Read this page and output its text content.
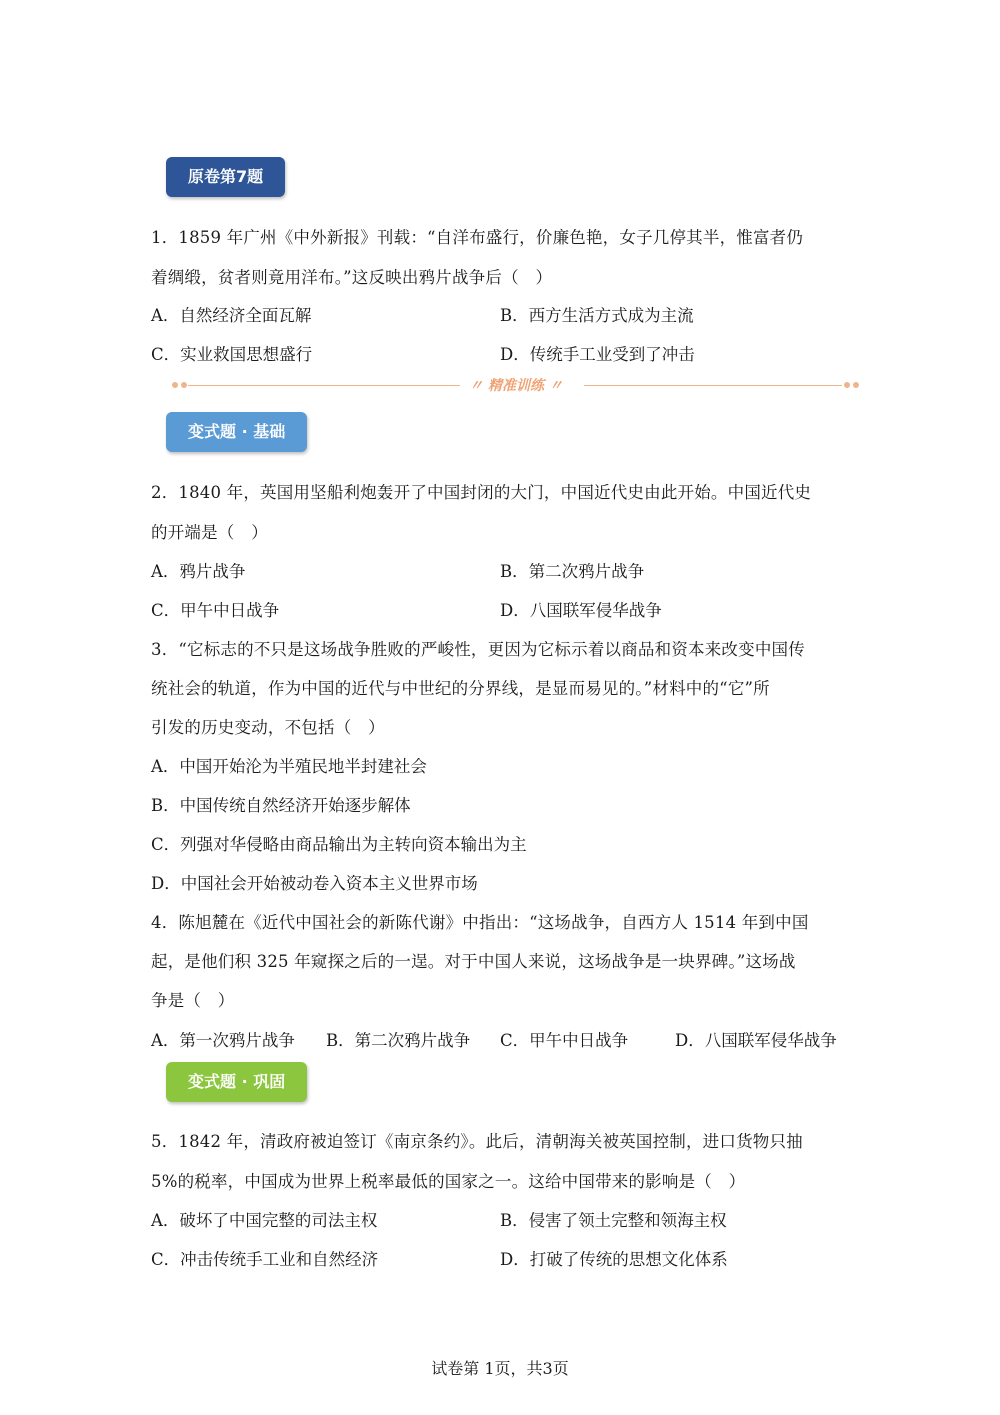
原卷第7题
1．1859 年广州《中外新报》刊载：“自洋布盛行，价廉色艳，女子几停其半，惟富者仍
着绸缎，贫者则竟用洋布。”这反映出鸦片战争后（　）
A．自然经济全面瓦解	B．西方生活方式成为主流
C．实业救国思想盛行	D．传统手工业受到了冲击
〃 精准训练 〃
变式题 · 基础
2．1840 年，英国用坚船利炮轰开了中国封闭的大门，中国近代史由此开始。中国近代史
的开端是（　）
A．鸦片战争	B．第二次鸦片战争
C．甲午中日战争	D．八国联军侵华战争
3．“它标志的不只是这场战争胜败的严峻性，更因为它标示着以商品和资本来改变中国传
统社会的轨道，作为中国的近代与中世纪的分界线，是显而易见的。”材料中的“它”所
引发的历史变动，不包括（　）
A．中国开始沦为半殖民地半封建社会
B．中国传统自然经济开始逐步解体
C．列强对华侵略由商品输出为主转向资本输出为主
D．中国社会开始被动卷入资本主义世界市场
4．陈旭麓在《近代中国社会的新陈代谢》中指出：“这场战争，自西方人 1514 年到中国
起，是他们积 325 年窥探之后的一逞。对于中国人来说，这场战争是一块界碑。”这场战
争是（　）
A．第一次鸦片战争 B．第二次鸦片战争 C．甲午中日战争	D．八国联军侵华战争
变式题 · 巩固
5．1842 年，清政府被迫签订《南京条约》。此后，清朝海关被英国控制，进口货物只抽
5%的税率，中国成为世界上税率最低的国家之一。这给中国带来的影响是（　）
A．破坏了中国完整的司法主权	B．侵害了领土完整和领海主权
C．冲击传统手工业和自然经济	D．打破了传统的思想文化体系
试卷第 1页，共3页
